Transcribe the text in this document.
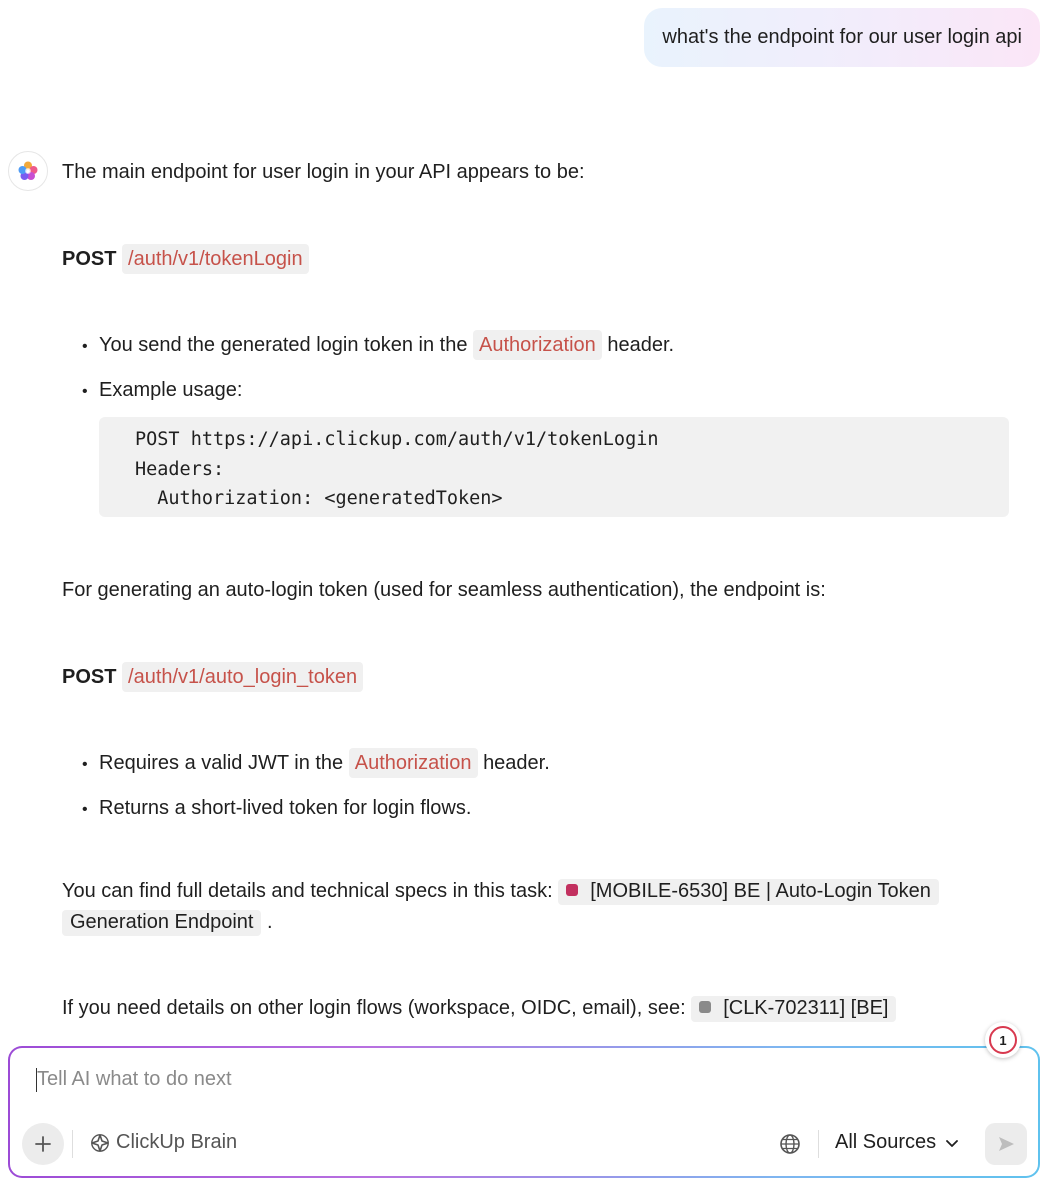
what's the endpoint for our user login api
The main endpoint for user login in your API appears to be:
POST /auth/v1/tokenLogin
• You send the generated login token in the Authorization header.
• Example usage:
POST https://api.clickup.com/auth/v1/tokenLogin
Headers:
Authorization: <generatedToken>
For generating an auto-login token (used for seamless authentication), the endpoint is:
POST /auth/v1/auto_login_token
• Requires a valid JWT in the Authorization header.
• Returns a short-lived token for login flows.
You can find full details and technical specs in this task: [MOBILE-6530] BE | Auto-Login Token Generation Endpoint .
If you need details on other login flows (workspace, OIDC, email), see: [CLK-702311] [BE]
Tell AI what to do next
ClickUp Brain	All Sources
1
